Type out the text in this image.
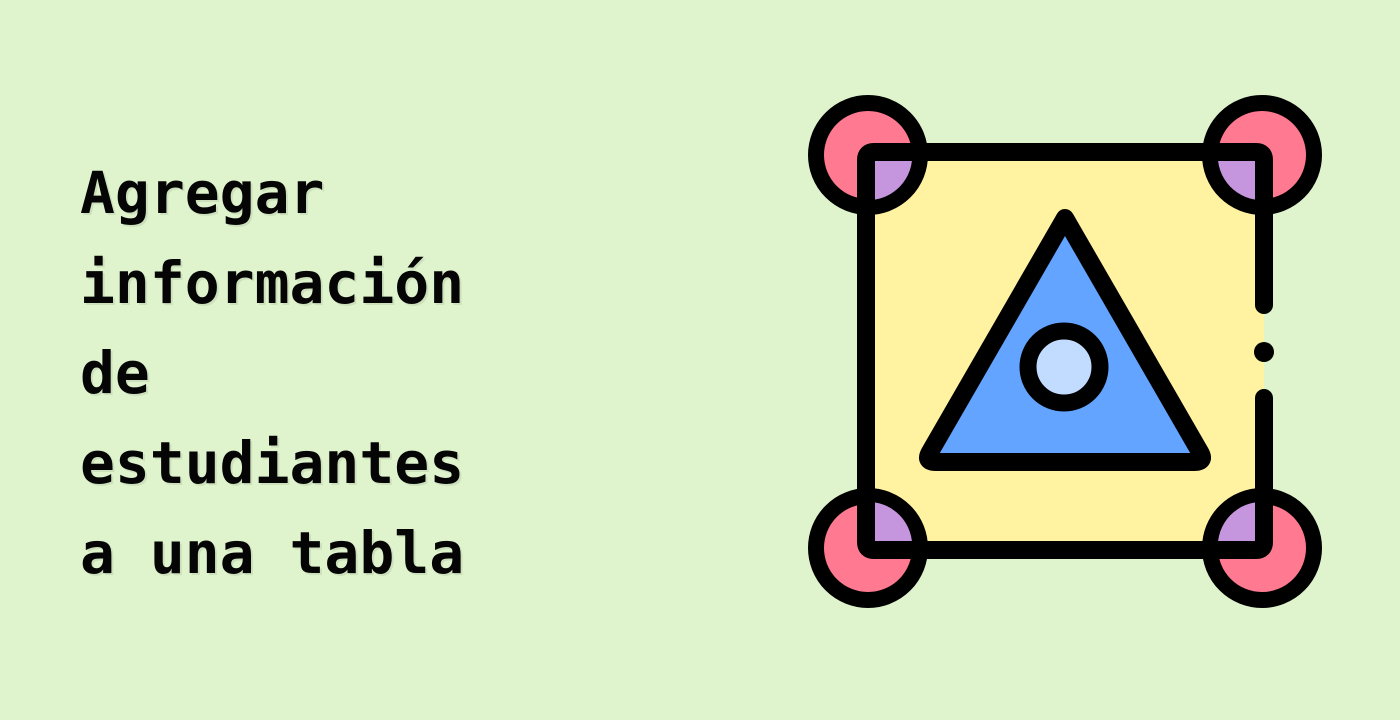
Agregar
información
de
estudiantes
a una tabla
